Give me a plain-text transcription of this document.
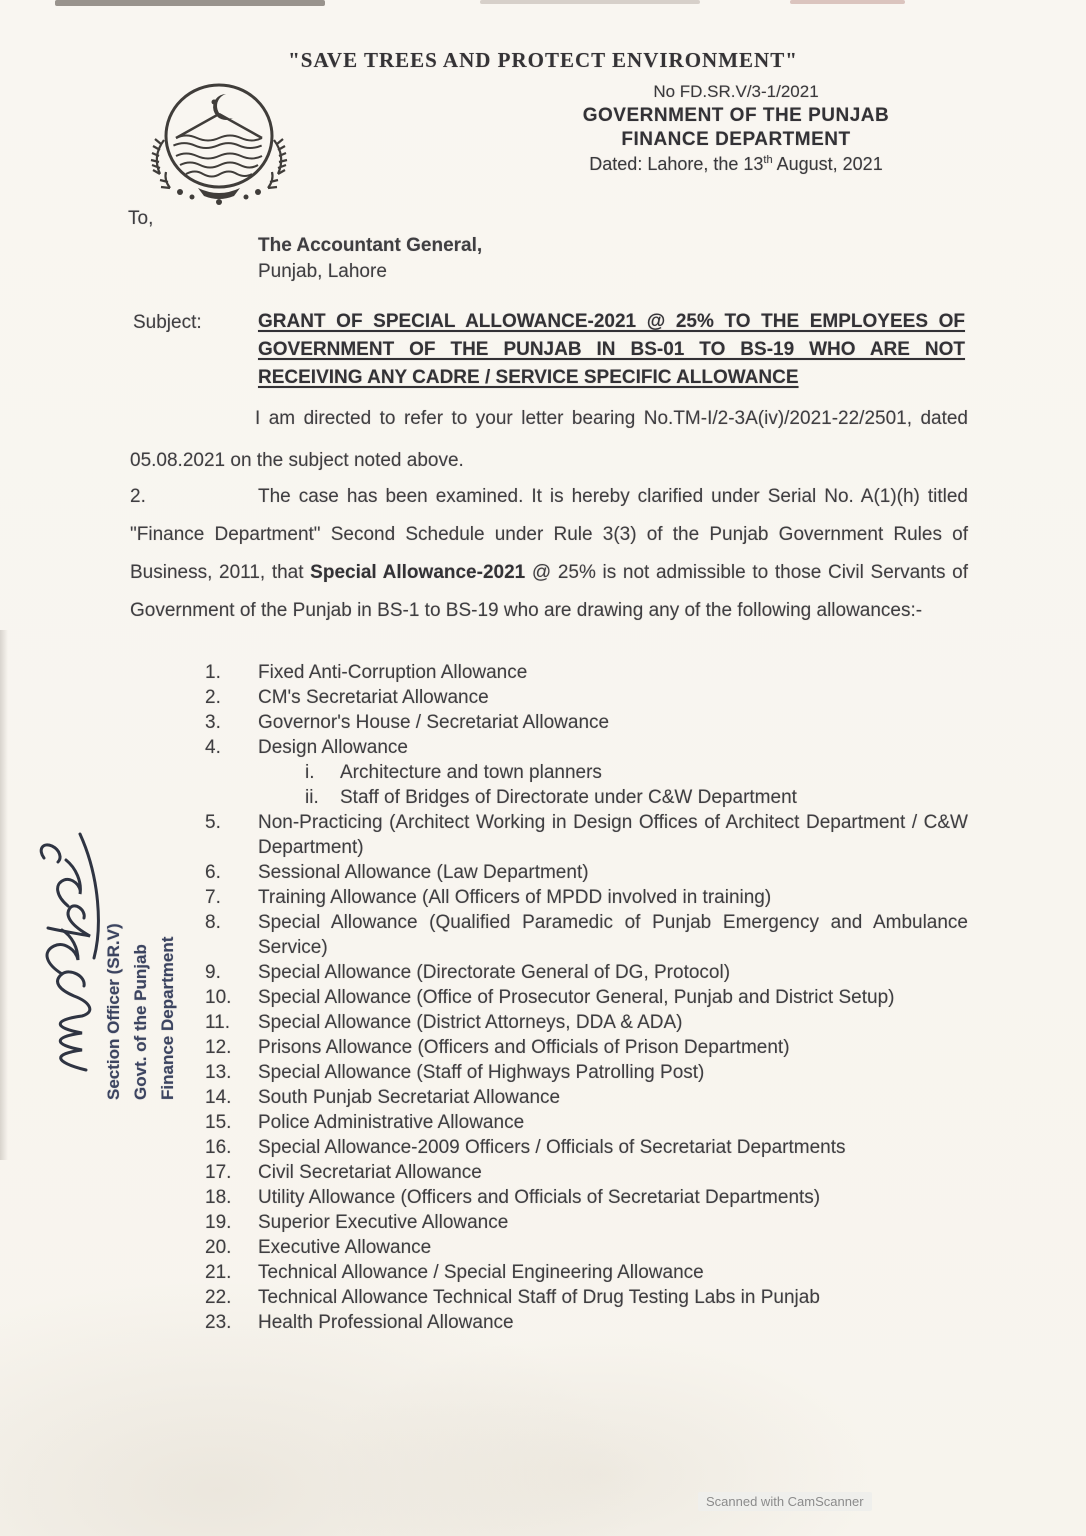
"SAVE TREES AND PROTECT ENVIRONMENT"
No FD.SR.V/3-1/2021
GOVERNMENT OF THE PUNJAB
FINANCE DEPARTMENT
Dated: Lahore, the 13th August, 2021
To,
The Accountant General,
Punjab, Lahore
Subject:	GRANT OF SPECIAL ALLOWANCE-2021 @ 25% TO THE EMPLOYEES OF GOVERNMENT OF THE PUNJAB IN BS-01 TO BS-19 WHO ARE NOT RECEIVING ANY CADRE / SERVICE SPECIFIC ALLOWANCE
I am directed to refer to your letter bearing No.TM-I/2-3A(iv)/2021-22/2501, dated 05.08.2021 on the subject noted above.
2.	The case has been examined. It is hereby clarified under Serial No. A(1)(h) titled "Finance Department" Second Schedule under Rule 3(3) of the Punjab Government Rules of Business, 2011, that Special Allowance-2021 @ 25% is not admissible to those Civil Servants of Government of the Punjab in BS-1 to BS-19 who are drawing any of the following allowances:-
1.	Fixed Anti-Corruption Allowance
2.	CM's Secretariat Allowance
3.	Governor's House / Secretariat Allowance
4.	Design Allowance
i.	Architecture and town planners
ii.	Staff of Bridges of Directorate under C&W Department
5.	Non-Practicing (Architect Working in Design Offices of Architect Department / C&W Department)
6.	Sessional Allowance (Law Department)
7.	Training Allowance (All Officers of MPDD involved in training)
8.	Special Allowance (Qualified Paramedic of Punjab Emergency and Ambulance Service)
9.	Special Allowance (Directorate General of DG, Protocol)
10.	Special Allowance (Office of Prosecutor General, Punjab and District Setup)
11.	Special Allowance (District Attorneys, DDA & ADA)
12.	Prisons Allowance (Officers and Officials of Prison Department)
13.	Special Allowance (Staff of Highways Patrolling Post)
14.	South Punjab Secretariat Allowance
15.	Police Administrative Allowance
16.	Special Allowance-2009 Officers / Officials of Secretariat Departments
17.	Civil Secretariat Allowance
18.	Utility Allowance (Officers and Officials of Secretariat Departments)
19.	Superior Executive Allowance
20.	Executive Allowance
21.	Technical Allowance / Special Engineering Allowance
22.	Technical Allowance Technical Staff of Drug Testing Labs in Punjab
23.	Health Professional Allowance
Section Officer (SR.V) Govt. of the Punjab Finance Department
Scanned with CamScanner
